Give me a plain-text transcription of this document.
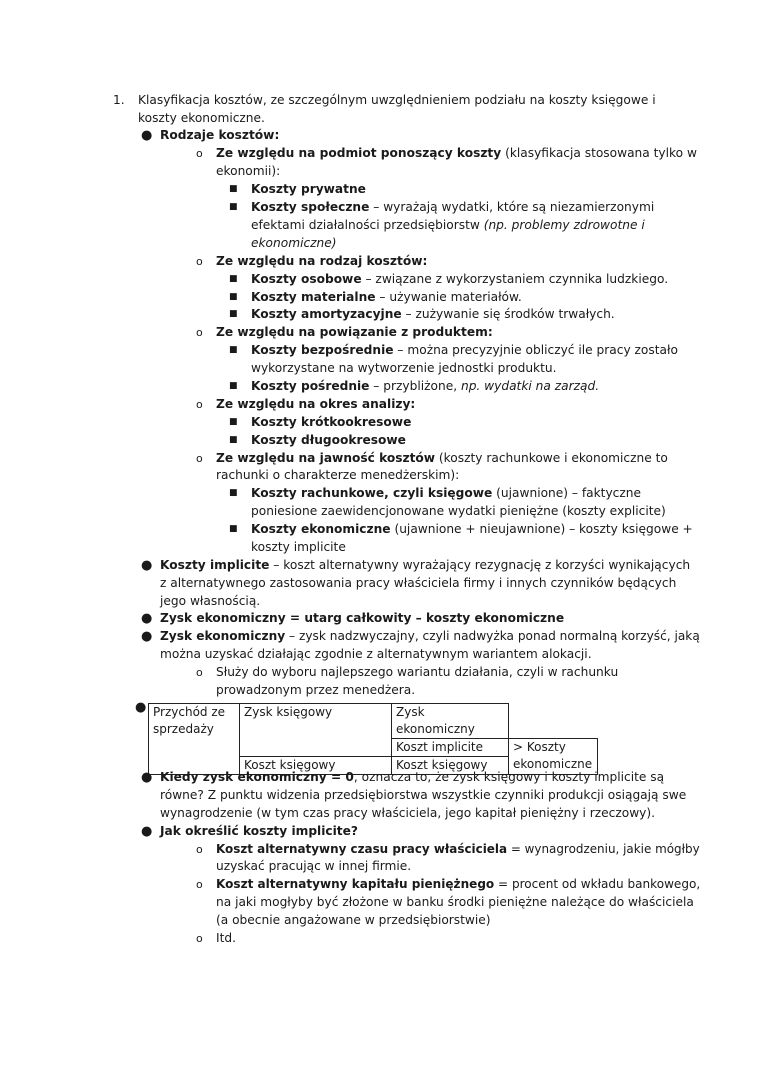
1. Klasyfikacja kosztów, ze szczególnym uwzględnieniem podziału na koszty księgowe i
koszty ekonomiczne.
● Rodzaje kosztów:
o Ze względu na podmiot ponoszący koszty (klasyfikacja stosowana tylko w
ekonomii):
■ Koszty prywatne
■ Koszty społeczne – wyrażają wydatki, które są niezamierzonymi
efektami działalności przedsiębiorstw (np. problemy zdrowotne i
ekonomiczne)
o Ze względu na rodzaj kosztów:
■ Koszty osobowe – związane z wykorzystaniem czynnika ludzkiego.
■ Koszty materialne – używanie materiałów.
■ Koszty amortyzacyjne – zużywanie się środków trwałych.
o Ze względu na powiązanie z produktem:
■ Koszty bezpośrednie – można precyzyjnie obliczyć ile pracy zostało
wykorzystane na wytworzenie jednostki produktu.
■ Koszty pośrednie – przybliżone, np. wydatki na zarząd.
o Ze względu na okres analizy:
■ Koszty krótkookresowe
■ Koszty długookresowe
o Ze względu na jawność kosztów (koszty rachunkowe i ekonomiczne to
rachunki o charakterze menedżerskim):
■ Koszty rachunkowe, czyli księgowe (ujawnione) – faktyczne
poniesione zaewidencjonowane wydatki pieniężne (koszty explicite)
■ Koszty ekonomiczne (ujawnione + nieujawnione) – koszty księgowe +
koszty implicite
● Koszty implicite – koszt alternatywny wyrażający rezygnację z korzyści wynikających
z alternatywnego zastosowania pracy właściciela firmy i innych czynników będących
jego własnością.
● Zysk ekonomiczny = utarg całkowity – koszty ekonomiczne
● Zysk ekonomiczny – zysk nadzwyczajny, czyli nadwyżka ponad normalną korzyść, jaką
można uzyskać działając zgodnie z alternatywnym wariantem alokacji.
o Służy do wyboru najlepszego wariantu działania, czyli w rachunku
prowadzonym przez menedżera.
● Przychód ze
sprzedaży	Zysk księgowy	Zysk ekonomiczny	
		Koszt implicite	> Koszty
ekonomiczne
	Koszt księgowy	Koszt księgowy	
● Kiedy zysk ekonomiczny = 0, oznacza to, że zysk księgowy i koszty implicite są
równe? Z punktu widzenia przedsiębiorstwa wszystkie czynniki produkcji osiągają swe
wynagrodzenie (w tym czas pracy właściciela, jego kapitał pieniężny i rzeczowy).
● Jak określić koszty implicite?
o Koszt alternatywny czasu pracy właściciela = wynagrodzeniu, jakie mógłby
uzyskać pracując w innej firmie.
o Koszt alternatywny kapitału pieniężnego = procent od wkładu bankowego,
na jaki mogłyby być złożone w banku środki pieniężne należące do właściciela
(a obecnie angażowane w przedsiębiorstwie)
o Itd.
